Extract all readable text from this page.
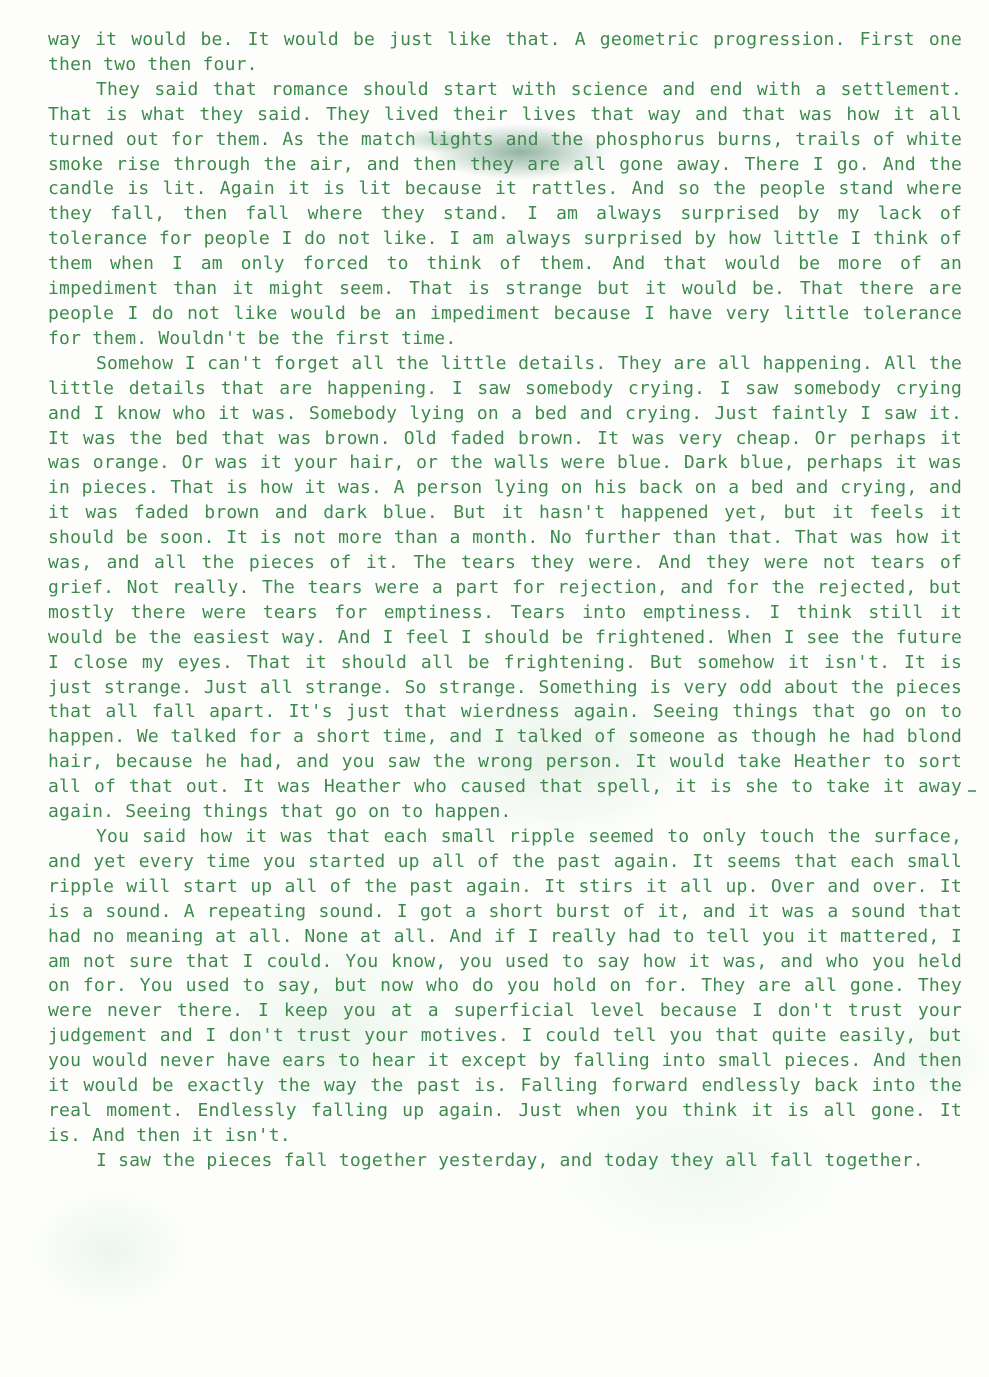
way it would be. It would be just like that. A geometric progression. First one then two then four.

They said that romance should start with science and end with a settlement. That is what they said. They lived their lives that way and that was how it all turned out for them. As the match lights and the phosphorus burns, trails of white smoke rise through the air, and then they are all gone away. There I go. And the candle is lit. Again it is lit because it rattles. And so the people stand where they fall, then fall where they stand. I am always surprised by my lack of tolerance for people I do not like. I am always surprised by how little I think of them when I am only forced to think of them. And that would be more of an impediment than it might seem. That is strange but it would be. That there are people I do not like would be an impediment because I have very little tolerance for them. Wouldn't be the first time.

Somehow I can't forget all the little details. They are all happening. All the little details that are happening. I saw somebody crying. I saw somebody crying and I know who it was. Somebody lying on a bed and crying. Just faintly I saw it. It was the bed that was brown. Old faded brown. It was very cheap. Or perhaps it was orange. Or was it your hair, or the walls were blue. Dark blue, perhaps it was in pieces. That is how it was. A person lying on his back on a bed and crying, and it was faded brown and dark blue. But it hasn't happened yet, but it feels it should be soon. It is not more than a month. No further than that. That was how it was, and all the pieces of it. The tears they were. And they were not tears of grief. Not really. The tears were a part for rejection, and for the rejected, but mostly there were tears for emptiness. Tears into emptiness. I think still it would be the easiest way. And I feel I should be frightened. When I see the future I close my eyes. That it should all be frightening. But somehow it isn't. It is just strange. Just all strange. So strange. Something is very odd about the pieces that all fall apart. It's just that wierdness again. Seeing things that go on to happen. We talked for a short time, and I talked of someone as though he had blond hair, because he had, and you saw the wrong person. It would take Heather to sort all of that out. It was Heather who caused that spell, it is she to take it away again. Seeing things that go on to happen.

You said how it was that each small ripple seemed to only touch the surface, and yet every time you started up all of the past again. It seems that each small ripple will start up all of the past again. It stirs it all up. Over and over. It is a sound. A repeating sound. I got a short burst of it, and it was a sound that had no meaning at all. None at all. And if I really had to tell you it mattered, I am not sure that I could. You know, you used to say how it was, and who you held on for. You used to say, but now who do you hold on for. They are all gone. They were never there. I keep you at a superficial level because I don't trust your judgement and I don't trust your motives. I could tell you that quite easily, but you would never have ears to hear it except by falling into small pieces. And then it would be exactly the way the past is. Falling forward endlessly back into the real moment. Endlessly falling up again. Just when you think it is all gone. It is. And then it isn't.

I saw the pieces fall together yesterday, and today they all fall together.
